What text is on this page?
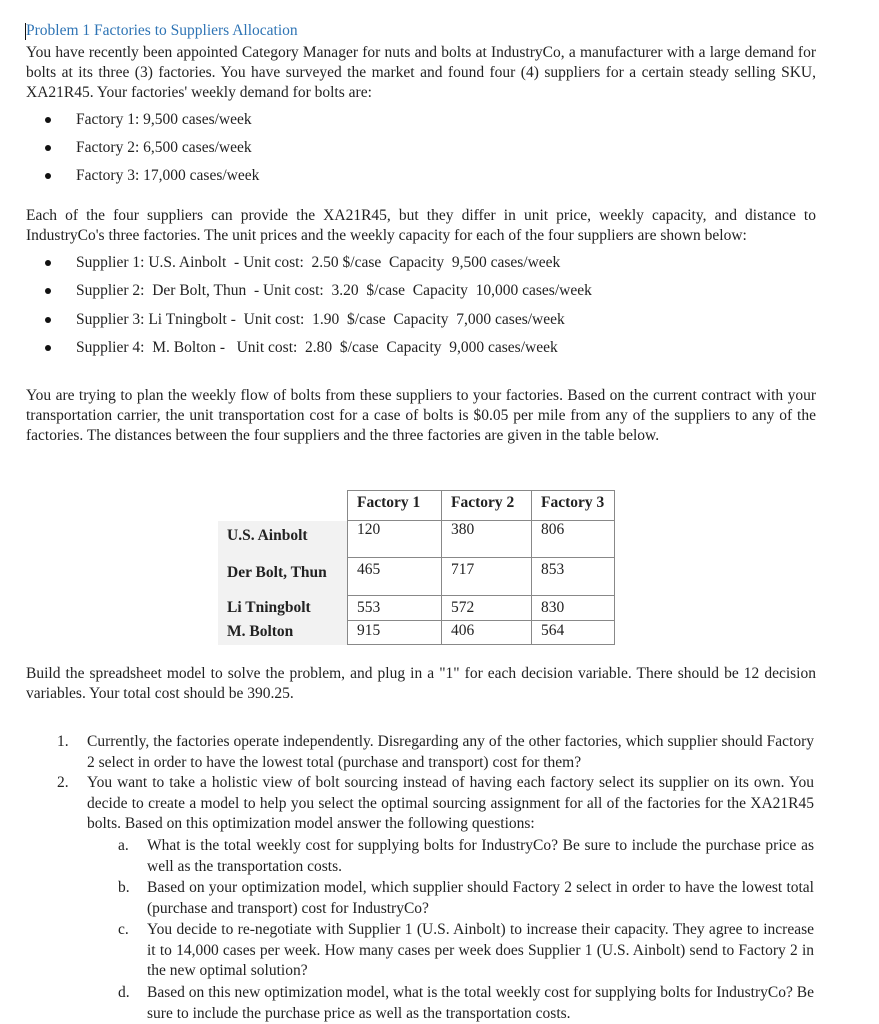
Problem 1 Factories to Suppliers Allocation

You have recently been appointed Category Manager for nuts and bolts at IndustryCo, a manufacturer with a large demand for bolts at its three (3) factories. You have surveyed the market and found four (4) suppliers for a certain steady selling SKU, XA21R45. Your factories' weekly demand for bolts are:

Factory 1: 9,500 cases/week
Factory 2: 6,500 cases/week
Factory 3: 17,000 cases/week

Each of the four suppliers can provide the XA21R45, but they differ in unit price, weekly capacity, and distance to IndustryCo's three factories. The unit prices and the weekly capacity for each of the four suppliers are shown below:

Supplier 1: U.S. Ainbolt  - Unit cost:  2.50 $/case  Capacity  9,500 cases/week
Supplier 2:  Der Bolt, Thun  - Unit cost:  3.20  $/case  Capacity  10,000 cases/week
Supplier 3: Li Tningbolt -  Unit cost:  1.90  $/case  Capacity  7,000 cases/week
Supplier 4:  M. Bolton -   Unit cost:  2.80  $/case  Capacity  9,000 cases/week

You are trying to plan the weekly flow of bolts from these suppliers to your factories. Based on the current contract with your transportation carrier, the unit transportation cost for a case of bolts is $0.05 per mile from any of the suppliers to any of the factories. The distances between the four suppliers and the three factories are given in the table below.

	Factory 1	Factory 2	Factory 3
U.S. Ainbolt	120	380	806
Der Bolt, Thun	465	717	853
Li Tningbolt	553	572	830
M. Bolton	915	406	564

Build the spreadsheet model to solve the problem, and plug in a "1" for each decision variable. There should be 12 decision variables. Your total cost should be 390.25.

1. Currently, the factories operate independently. Disregarding any of the other factories, which supplier should Factory 2 select in order to have the lowest total (purchase and transport) cost for them?

2. You want to take a holistic view of bolt sourcing instead of having each factory select its supplier on its own. You decide to create a model to help you select the optimal sourcing assignment for all of the factories for the XA21R45 bolts. Based on this optimization model answer the following questions:

a. What is the total weekly cost for supplying bolts for IndustryCo? Be sure to include the purchase price as well as the transportation costs.

b. Based on your optimization model, which supplier should Factory 2 select in order to have the lowest total (purchase and transport) cost for IndustryCo?

c. You decide to re-negotiate with Supplier 1 (U.S. Ainbolt) to increase their capacity. They agree to increase it to 14,000 cases per week. How many cases per week does Supplier 1 (U.S. Ainbolt) send to Factory 2 in the new optimal solution?

d. Based on this new optimization model, what is the total weekly cost for supplying bolts for IndustryCo? Be sure to include the purchase price as well as the transportation costs.
